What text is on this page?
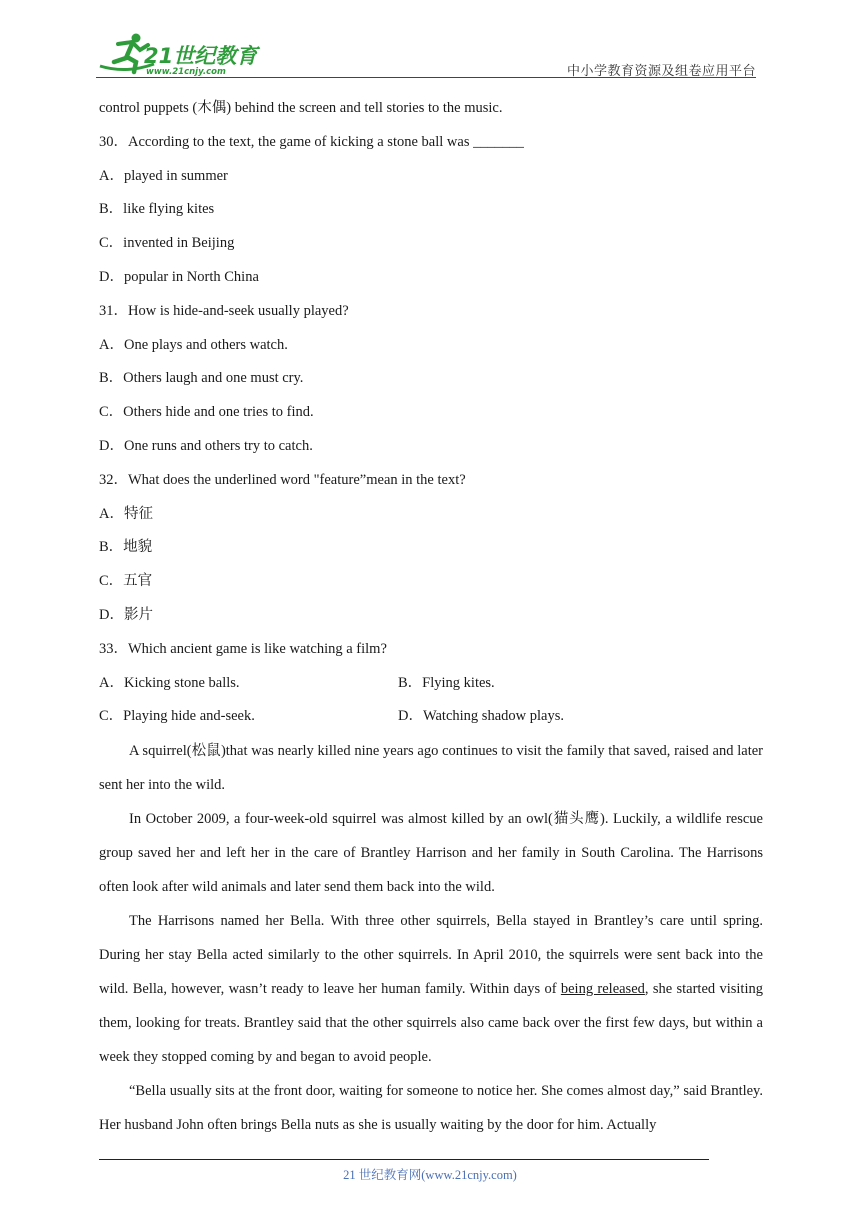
21世纪教育
www.21cnjy.com	中小学教育资源及组卷应用平台

control puppets (木偶) behind the screen and tell stories to the music.

30．According to the text, the game of kicking a stone ball was _______

A．played in summer

B．like flying kites

C．invented in Beijing

D．popular in North China

31．How is hide-and-seek usually played?

A．One plays and others watch.

B．Others laugh and one must cry.

C．Others hide and one tries to find.

D．One runs and others try to catch.

32．What does the underlined word "feature”mean in the text?

A．特征

B．地貌

C．五官

D．影片

33．Which ancient game is like watching a film?

A．Kicking stone balls.	B．Flying kites.
C．Playing hide and-seek.	D．Watching shadow plays.

A squirrel(松鼠)that was nearly killed nine years ago continues to visit the family that saved, raised and later sent her into the wild.

In October 2009, a four-week-old squirrel was almost killed by an owl(猫头鹰). Luckily, a wildlife rescue group saved her and left her in the care of Brantley Harrison and her family in South Carolina. The Harrisons often look after wild animals and later send them back into the wild.

The Harrisons named her Bella. With three other squirrels, Bella stayed in Brantley’s care until spring. During her stay Bella acted similarly to the other squirrels. In April 2010, the squirrels were sent back into the wild. Bella, however, wasn’t ready to leave her human family. Within days of being released, she started visiting them, looking for treats. Brantley said that the other squirrels also came back over the first few days, but within a week they stopped coming by and began to avoid people.

“Bella usually sits at the front door, waiting for someone to notice her. She comes almost day,” said Brantley. Her husband John often brings Bella nuts as she is usually waiting by the door for him. Actually

21 世纪教育网(www.21cnjy.com)
